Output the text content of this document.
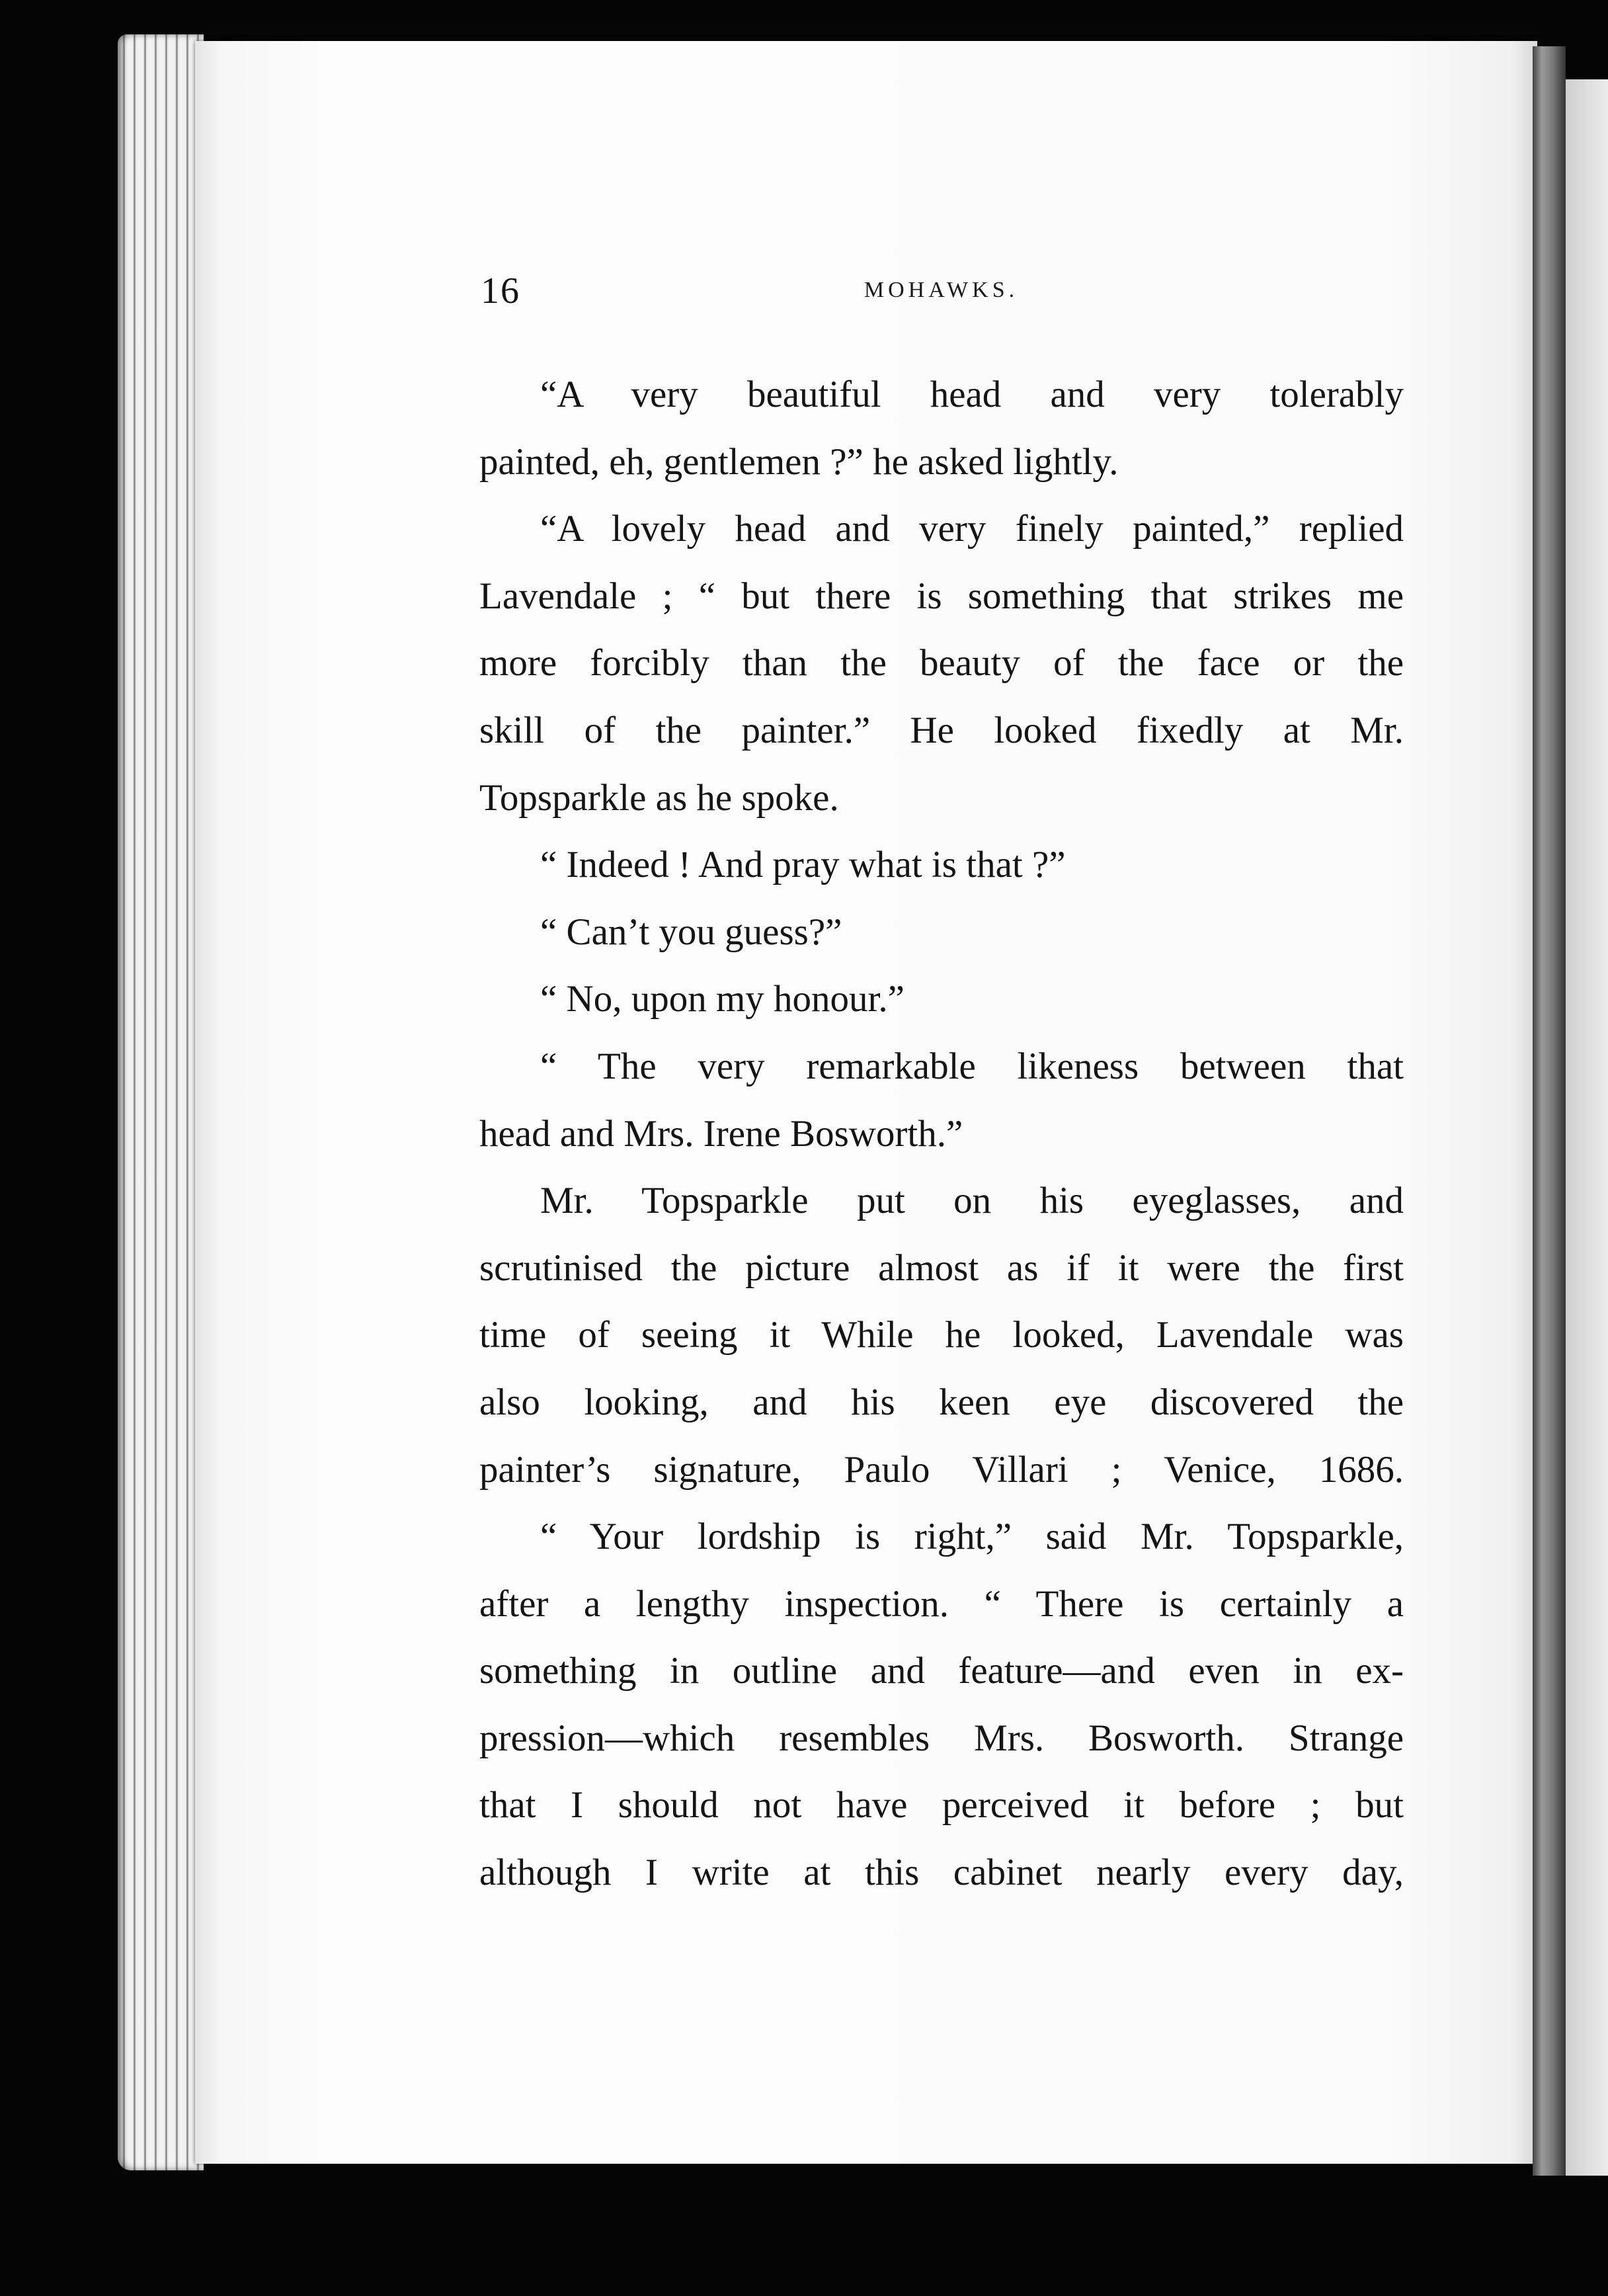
16	MOHAWKS.
“A very beautiful head and very tolerably
painted, eh, gentlemen ?” he asked lightly.
“A lovely head and very finely painted,” replied
Lavendale ; “ but there is something that strikes me
more forcibly than the beauty of the face or the
skill of the painter.” He looked fixedly at Mr.
Topsparkle as he spoke.
“ Indeed ! And pray what is that ?”
“ Can’t you guess?”
“ No, upon my honour.”
“ The very remarkable likeness between that
head and Mrs. Irene Bosworth.”
Mr. Topsparkle put on his eyeglasses, and
scrutinised the picture almost as if it were the first
time of seeing it While he looked, Lavendale was
also looking, and his keen eye discovered the
painter’s signature, Paulo Villari ; Venice, 1686.
“ Your lordship is right,” said Mr. Topsparkle,
after a lengthy inspection. “ There is certainly a
something in outline and feature—and even in ex-
pression—which resembles Mrs. Bosworth. Strange
that I should not have perceived it before ; but
although I write at this cabinet nearly every day,
